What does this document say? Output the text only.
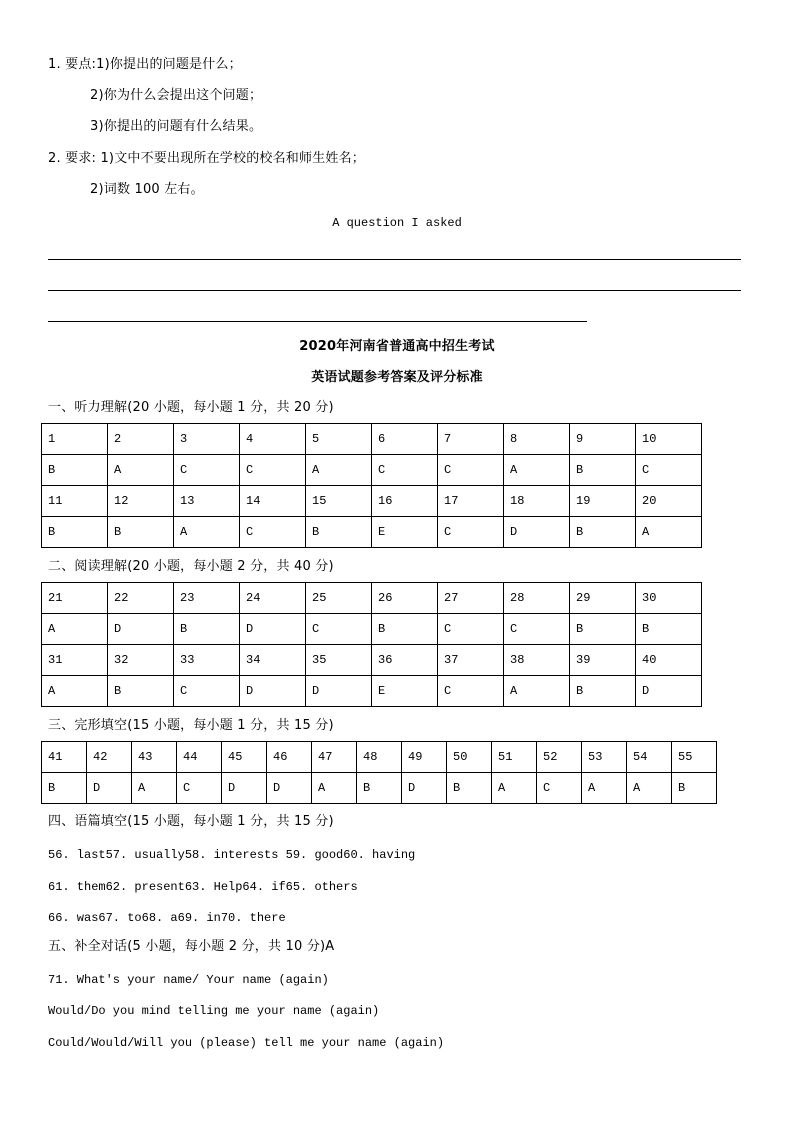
1. 要点:1)你提出的问题是什么；
2)你为什么会提出这个问题；
3)你提出的问题有什么结果。
2. 要求: 1)文中不要出现所在学校的校名和师生姓名；
2)词数 100 左右。
A question I asked
2020年河南省普通高中招生考试
英语试题参考答案及评分标准
一、听力理解(20 小题，每小题 1 分，共 20 分)
1	2	3	4	5	6	7	8	9	10
B	A	C	C	A	C	C	A	B	C
11	12	13	14	15	16	17	18	19	20
B	B	A	C	B	E	C	D	B	A
二、阅读理解(20 小题，每小题 2 分，共 40 分)
21	22	23	24	25	26	27	28	29	30
A	D	B	D	C	B	C	C	B	B
31	32	33	34	35	36	37	38	39	40
A	B	C	D	D	E	C	A	B	D
三、完形填空(15 小题，每小题 1 分，共 15 分)
41	42	43	44	45	46	47	48	49	50	51	52	53	54	55
B	D	A	C	D	D	A	B	D	B	A	C	A	A	B
四、语篇填空(15 小题，每小题 1 分，共 15 分)
56. last57. usually58. interests 59. good60. having
61. them62. present63. Help64. if65. others
66. was67. to68. a69. in70. there
五、补全对话(5 小题，每小题 2 分，共 10 分)A
71. What's your name/ Your name (again)
Would/Do you mind telling me your name (again)
Could/Would/Will you (please) tell me your name (again)
